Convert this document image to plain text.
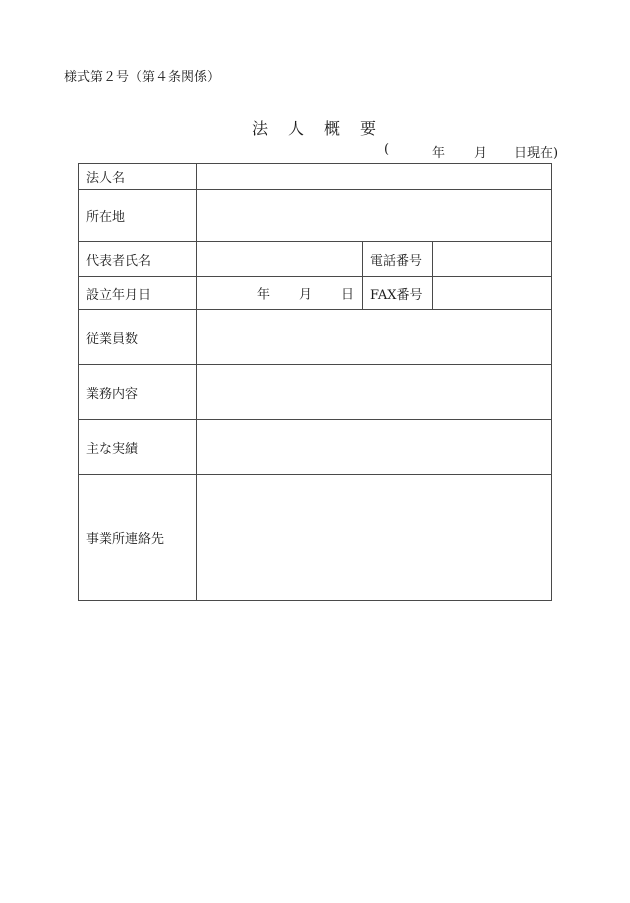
様式第２号（第４条関係）
法　人　概　要
(	年 月 日現在)
法人名			
所在地			
代表者氏名		電話番号	
設立年月日	年 月 日	FAX番号	
従業員数			
業務内容			
主な実績			
事業所連絡先			
